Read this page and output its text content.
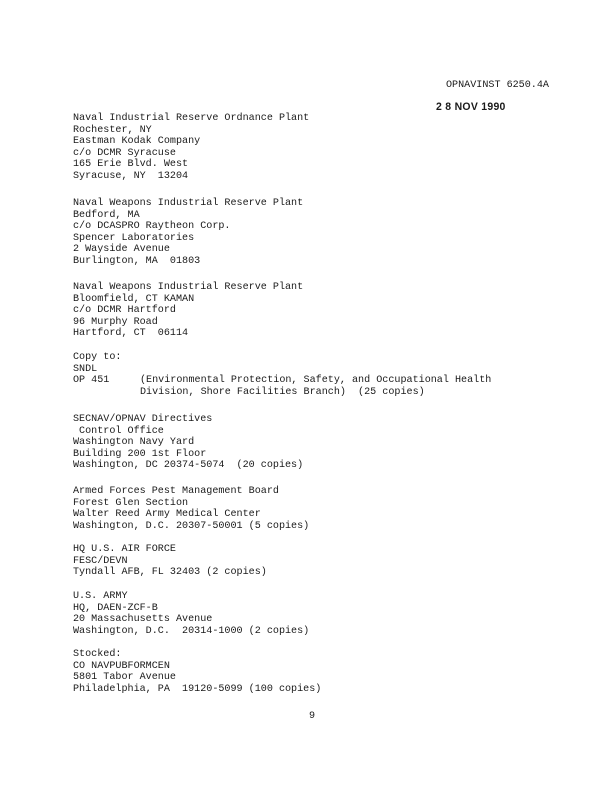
OPNAVINST 6250.4A
2 8 NOV 1990
Naval Industrial Reserve Ordnance Plant
Rochester, NY
Eastman Kodak Company
c/o DCMR Syracuse
165 Erie Blvd. West
Syracuse, NY  13204
Naval Weapons Industrial Reserve Plant
Bedford, MA
c/o DCASPRO Raytheon Corp.
Spencer Laboratories
2 Wayside Avenue
Burlington, MA  01803
Naval Weapons Industrial Reserve Plant
Bloomfield, CT KAMAN
c/o DCMR Hartford
96 Murphy Road
Hartford, CT  06114
Copy to:
SNDL
OP 451	(Environmental Protection, Safety, and Occupational Health
Division, Shore Facilities Branch)  (25 copies)
SECNAV/OPNAV Directives
Control Office
Washington Navy Yard
Building 200 1st Floor
Washington, DC 20374-5074  (20 copies)
Armed Forces Pest Management Board
Forest Glen Section
Walter Reed Army Medical Center
Washington, D.C. 20307-50001 (5 copies)
HQ U.S. AIR FORCE
FESC/DEVN
Tyndall AFB, FL 32403 (2 copies)
U.S. ARMY
HQ, DAEN-ZCF-B
20 Massachusetts Avenue
Washington, D.C.  20314-1000 (2 copies)
Stocked:
CO NAVPUBFORMCEN
5801 Tabor Avenue
Philadelphia, PA  19120-5099 (100 copies)
9
